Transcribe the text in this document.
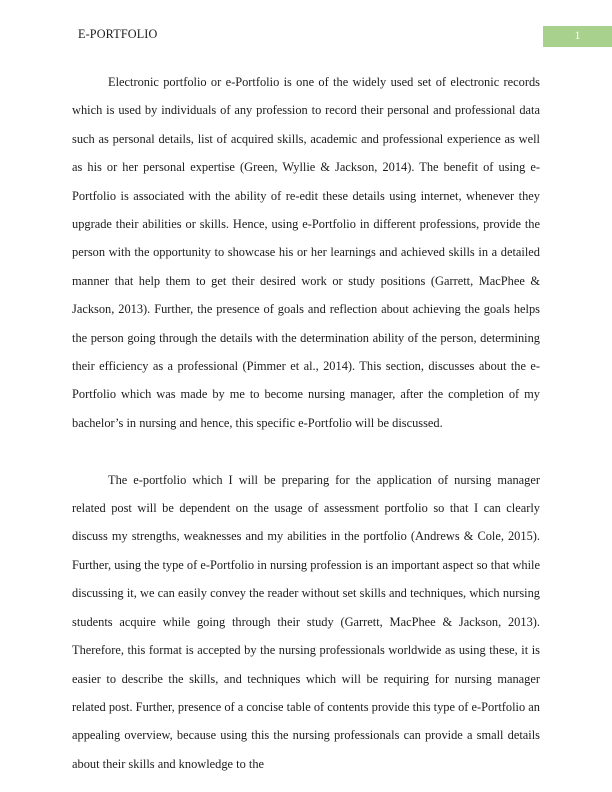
E-PORTFOLIO	1

Electronic portfolio or e-Portfolio is one of the widely used set of electronic records which is used by individuals of any profession to record their personal and professional data such as personal details, list of acquired skills, academic and professional experience as well as his or her personal expertise (Green, Wyllie & Jackson, 2014). The benefit of using e-Portfolio is associated with the ability of re-edit these details using internet, whenever they upgrade their abilities or skills. Hence, using e-Portfolio in different professions, provide the person with the opportunity to showcase his or her learnings and achieved skills in a detailed manner that help them to get their desired work or study positions (Garrett, MacPhee & Jackson, 2013). Further, the presence of goals and reflection about achieving the goals helps the person going through the details with the determination ability of the person, determining their efficiency as a professional (Pimmer et al., 2014). This section, discusses about the e-Portfolio which was made by me to become nursing manager, after the completion of my bachelor’s in nursing and hence, this specific e-Portfolio will be discussed.

The e-portfolio which I will be preparing for the application of nursing manager related post will be dependent on the usage of assessment portfolio so that I can clearly discuss my strengths, weaknesses and my abilities in the portfolio (Andrews & Cole, 2015). Further, using the type of e-Portfolio in nursing profession is an important aspect so that while discussing it, we can easily convey the reader without set skills and techniques, which nursing students acquire while going through their study (Garrett, MacPhee & Jackson, 2013). Therefore, this format is accepted by the nursing professionals worldwide as using these, it is easier to describe the skills, and techniques which will be requiring for nursing manager related post. Further, presence of a concise table of contents provide this type of e-Portfolio an appealing overview, because using this the nursing professionals can provide a small details about their skills and knowledge to the
